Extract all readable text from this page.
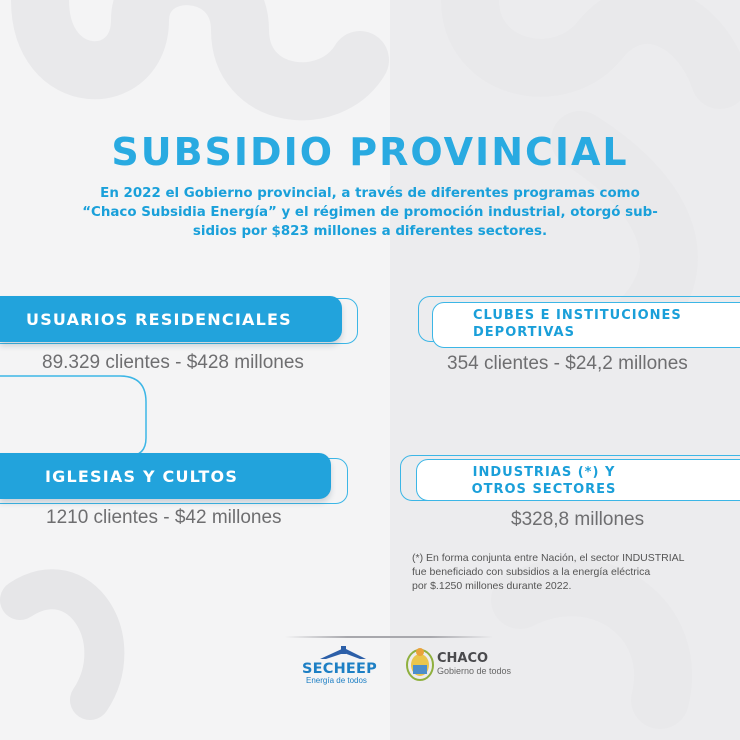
SUBSIDIO PROVINCIAL
En 2022 el Gobierno provincial, a través de diferentes programas como
“Chaco Subsidia Energía” y el régimen de promoción industrial, otorgó sub-
sidios por $823 millones a diferentes sectores.
USUARIOS RESIDENCIALES
89.329 clientes - $428 millones
CLUBES E INSTITUCIONES
DEPORTIVAS
354 clientes - $24,2 millones
IGLESIAS Y CULTOS
1210 clientes - $42 millones
INDUSTRIAS (*) Y
OTROS SECTORES
$328,8 millones
(*) En forma conjunta entre Nación, el sector INDUSTRIAL
fue beneficiado con subsidios a la energía eléctrica
por $.1250 millones durante 2022.
SECHEEP
Energía de todos
CHACO
Gobierno de todos
